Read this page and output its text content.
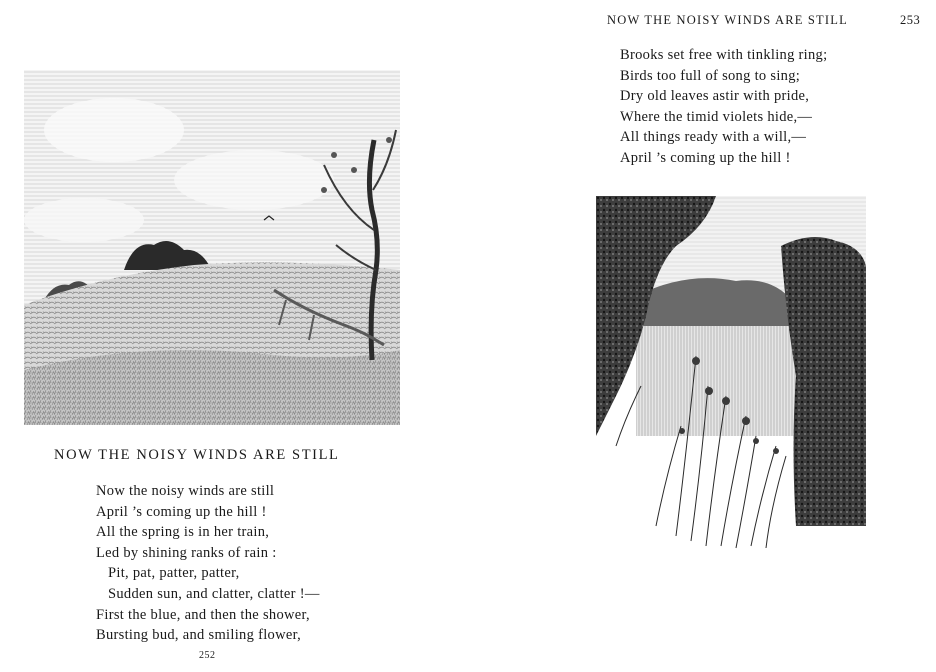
NOW THE NOISY WINDS ARE STILL
Now the noisy winds are still
April ’s coming up the hill !
All the spring is in her train,
Led by shining ranks of rain :
Pit, pat, patter, patter,
Sudden sun, and clatter, clatter !—
First the blue, and then the shower,
Bursting bud, and smiling flower,
252
NOW THE NOISY WINDS ARE STILL	253
Brooks set free with tinkling ring;
Birds too full of song to sing;
Dry old leaves astir with pride,
Where the timid violets hide,—
All things ready with a will,—
April ’s coming up the hill !
